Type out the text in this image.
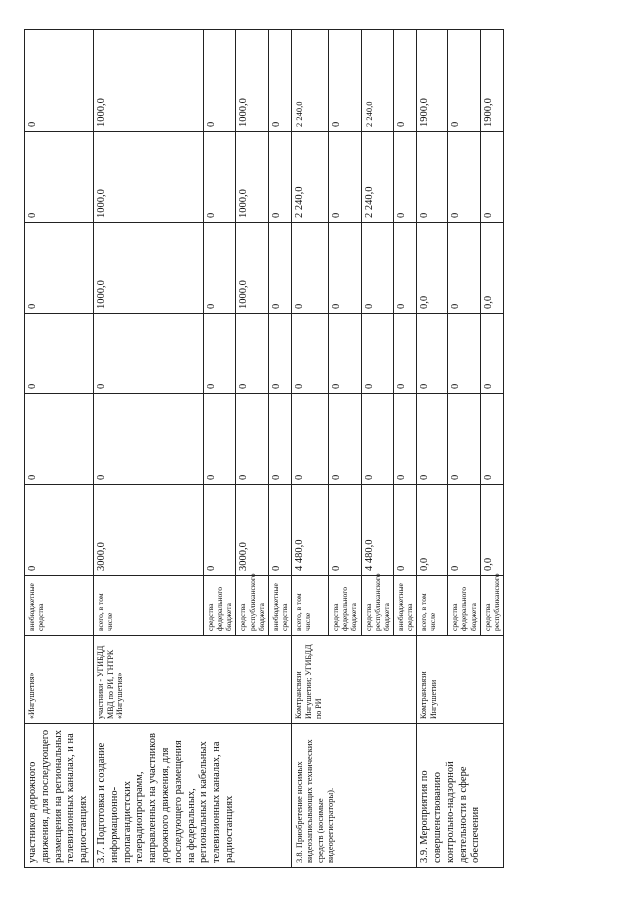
участников дорожного движения, для последующего размещения на региональных телевизионных каналах, и на радиостанциях	«Ингушетия»	внебюджетные средства	0	0	0	0	0	0
3.7. Подготовка и создание информационно-пропагандистских телерадиопрограмм, направленных на участников дорожного движения, для последующего размещения на федеральных, региональных и кабельных телевизионных каналах, на радиостанциях	участники - УГИБДД МВД по РИ, ГНТРК «Ингушетия»	всего, в том числе	3000,0	0	0	1000,0	1000,0	1000,0
		средства федерального бюджета	0	0	0	0	0	0
		средства республиканского бюджета	3000,0	0	0	1000,0	1000,0	1000,0
		внебюджетные средства	0	0	0	0	0	0
3.8. Приобретение носимых видеозаписывающих технических средств (носимые видеорегистраторы).	Комтрансвязи Ингушетии; УГИБДД по РИ	всего, в том числе	4 480,0	0	0	0	2 240,0	2 240,0
		средства федерального бюджета	0	0	0	0	0	0
		средства республиканского бюджета	4 480,0	0	0	0	2 240,0	2 240,0
		внебюджетные средства	0	0	0	0	0	0
3.9. Мероприятия по совершенствованию контрольно-надзорной деятельности в сфере обеспечения	Комтрансвязи Ингушетии	всего, в том числе	0,0	0	0	0,0	0	1900,0
		средства федерального бюджета	0	0	0	0	0	0
		средства республиканского	0,0	0	0	0,0	0	1900,0
